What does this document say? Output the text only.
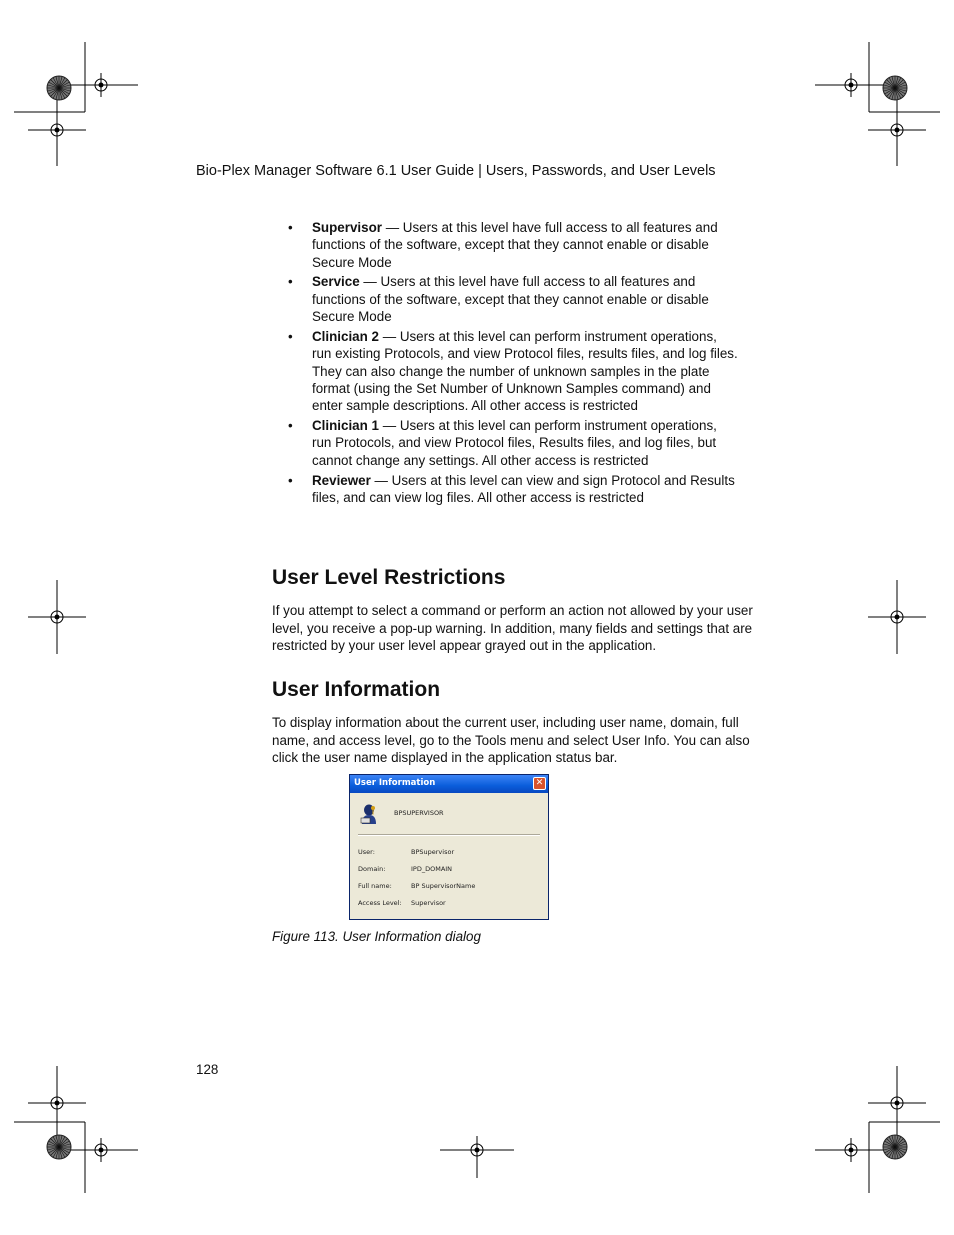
Bio-Plex Manager Software 6.1 User Guide | Users, Passwords, and User Levels
• Supervisor — Users at this level have full access to all features and functions of the software, except that they cannot enable or disable Secure Mode
• Service — Users at this level have full access to all features and functions of the software, except that they cannot enable or disable Secure Mode
• Clinician 2 — Users at this level can perform instrument operations, run existing Protocols, and view Protocol files, results files, and log files. They can also change the number of unknown samples in the plate format (using the Set Number of Unknown Samples command) and enter sample descriptions. All other access is restricted
• Clinician 1 — Users at this level can perform instrument operations, run Protocols, and view Protocol files, Results files, and log files, but cannot change any settings. All other access is restricted
• Reviewer — Users at this level can view and sign Protocol and Results files, and can view log files. All other access is restricted
User Level Restrictions

If you attempt to select a command or perform an action not allowed by your user level, you receive a pop-up warning. In addition, many fields and settings that are restricted by your user level appear grayed out in the application.

User Information

To display information about the current user, including user name, domain, full name, and access level, go to the Tools menu and select User Info. You can also click the user name displayed in the application status bar.

User Information	✕
BPSUPERVISOR
User:	BPSupervisor
Domain:	IPD_DOMAIN
Full name:	BP SupervisorName
Access Level: Supervisor
Figure 113. User Information dialog
128
